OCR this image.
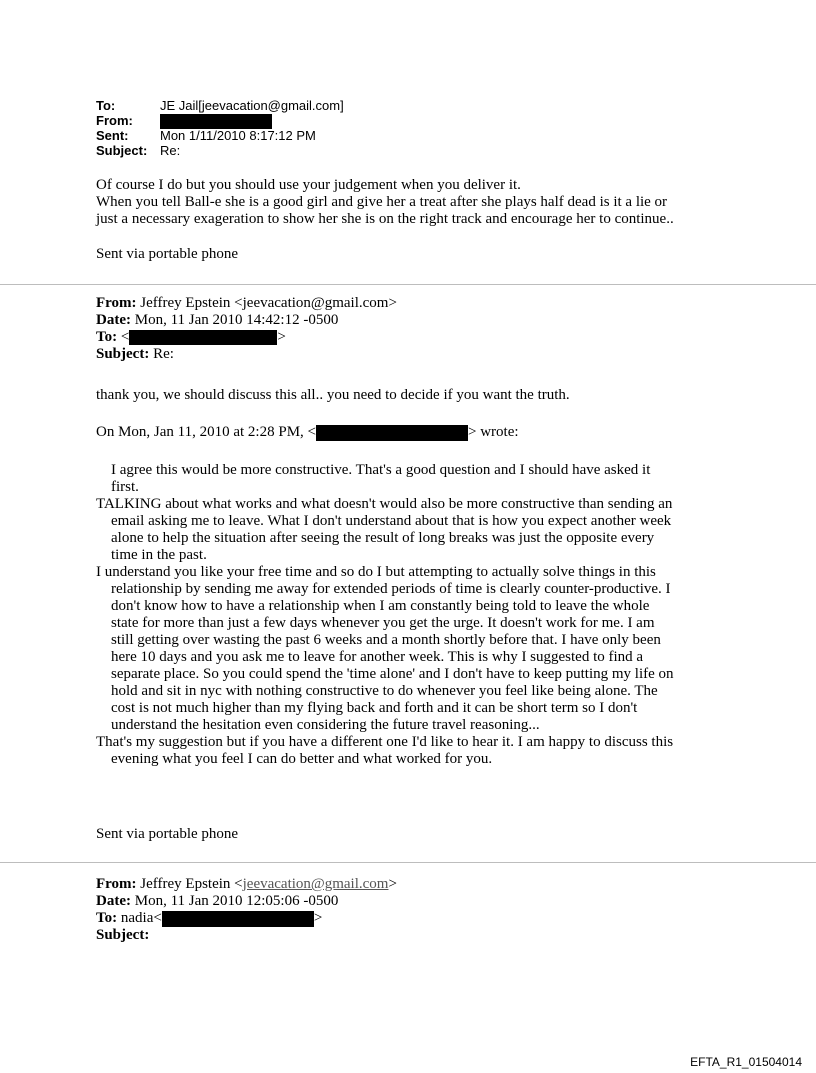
To:	JE Jail[jeevacation@gmail.com]
From:
Sent: Mon 1/11/2010 8:17:12 PM
Subject: Re:
Of course I do but you should use your judgement when you deliver it.
When you tell Ball-e she is a good girl and give her a treat after she plays half dead is it a lie or
just a necessary exageration to show her she is on the right track and encourage her to continue..
Sent via portable phone
From: Jeffrey Epstein <jeevacation@gmail.com>
Date: Mon, 11 Jan 2010 14:42:12 -0500
To: <	>
Subject: Re:
thank you, we should discuss this all.. you need to decide if you want the truth.
On Mon, Jan 11, 2010 at 2:28 PM, <	> wrote:
I agree this would be more constructive. That's a good question and I should have asked it
first.
TALKING about what works and what doesn't would also be more constructive than sending an
email asking me to leave. What I don't understand about that is how you expect another week
alone to help the situation after seeing the result of long breaks was just the opposite every
time in the past.
I understand you like your free time and so do I but attempting to actually solve things in this
relationship by sending me away for extended periods of time is clearly counter-productive. I
don't know how to have a relationship when I am constantly being told to leave the whole
state for more than just a few days whenever you get the urge. It doesn't work for me. I am
still getting over wasting the past 6 weeks and a month shortly before that. I have only been
here 10 days and you ask me to leave for another week. This is why I suggested to find a
separate place. So you could spend the 'time alone' and I don't have to keep putting my life on
hold and sit in nyc with nothing constructive to do whenever you feel like being alone. The
cost is not much higher than my flying back and forth and it can be short term so I don't
understand the hesitation even considering the future travel reasoning...
That's my suggestion but if you have a different one I'd like to hear it. I am happy to discuss this
evening what you feel I can do better and what worked for you.
Sent via portable phone
From: Jeffrey Epstein <jeevacation@gmail.com>
Date: Mon, 11 Jan 2010 12:05:06 -0500
To: nadia<	>
Subject:
EFTA_R1_01504014
